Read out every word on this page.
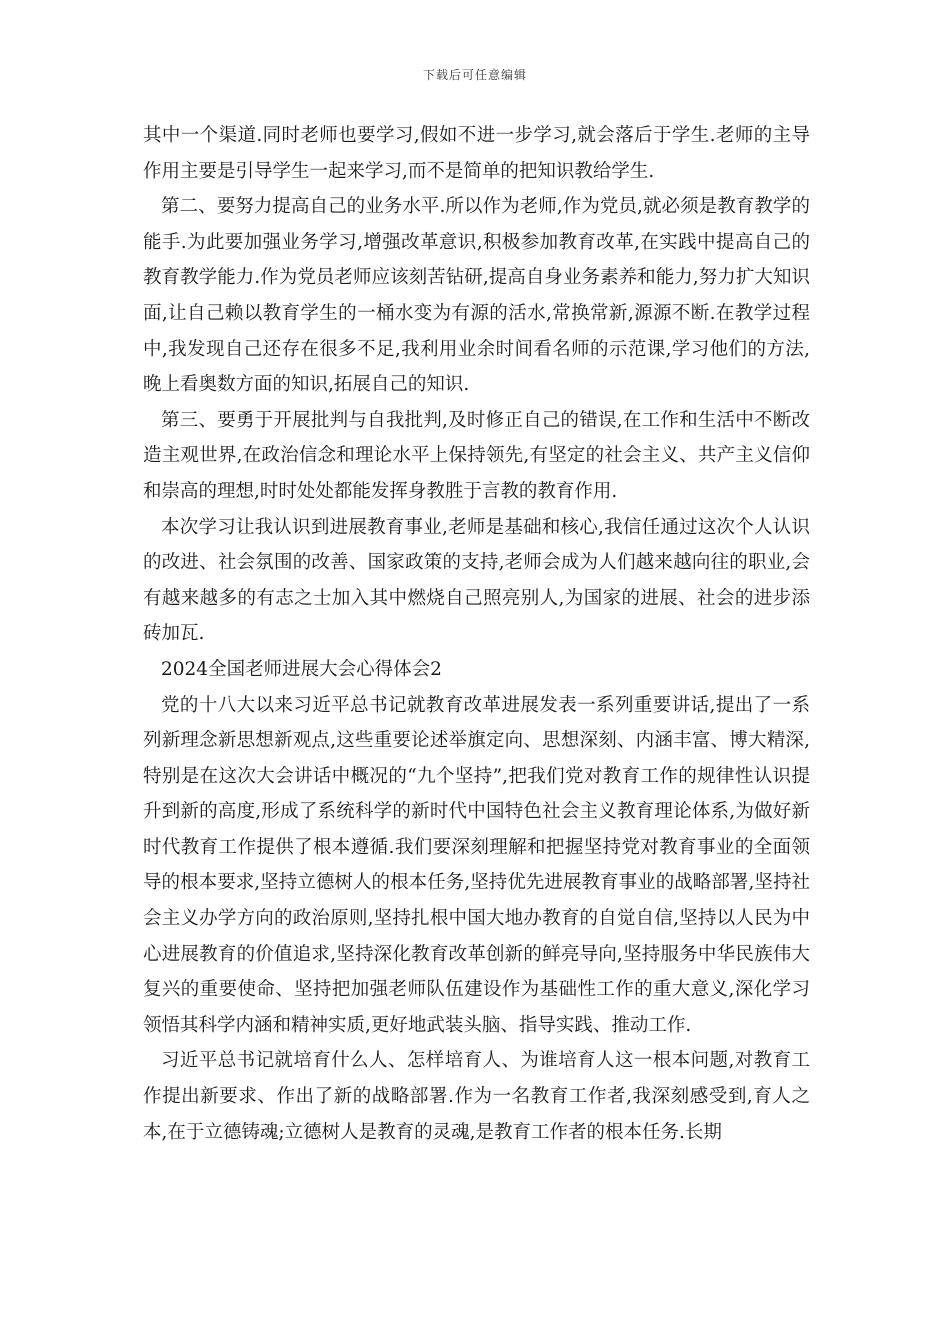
下载后可任意编辑

其中一个渠道.同时老师也要学习,假如不进一步学习,就会落后于学生.老师的主导作用主要是引导学生一起来学习,而不是简单的把知识教给学生.

第二、要努力提高自己的业务水平.所以作为老师,作为党员,就必须是教育教学的能手.为此要加强业务学习,增强改革意识,积极参加教育改革,在实践中提高自己的教育教学能力.作为党员老师应该刻苦钻研,提高自身业务素养和能力,努力扩大知识面,让自己赖以教育学生的一桶水变为有源的活水,常换常新,源源不断.在教学过程中,我发现自己还存在很多不足,我利用业余时间看名师的示范课,学习他们的方法,晚上看奥数方面的知识,拓展自己的知识.

第三、要勇于开展批判与自我批判,及时修正自己的错误,在工作和生活中不断改造主观世界,在政治信念和理论水平上保持领先,有坚定的社会主义、共产主义信仰和崇高的理想,时时处处都能发挥身教胜于言教的教育作用.

本次学习让我认识到进展教育事业,老师是基础和核心,我信任通过这次个人认识的改进、社会氛围的改善、国家政策的支持,老师会成为人们越来越向往的职业,会有越来越多的有志之士加入其中燃烧自己照亮别人,为国家的进展、社会的进步添砖加瓦.

2024全国老师进展大会心得体会2

党的十八大以来习近平总书记就教育改革进展发表一系列重要讲话,提出了一系列新理念新思想新观点,这些重要论述举旗定向、思想深刻、内涵丰富、博大精深,特别是在这次大会讲话中概况的“九个坚持”,把我们党对教育工作的规律性认识提升到新的高度,形成了系统科学的新时代中国特色社会主义教育理论体系,为做好新时代教育工作提供了根本遵循.我们要深刻理解和把握坚持党对教育事业的全面领导的根本要求,坚持立德树人的根本任务,坚持优先进展教育事业的战略部署,坚持社会主义办学方向的政治原则,坚持扎根中国大地办教育的自觉自信,坚持以人民为中心进展教育的价值追求,坚持深化教育改革创新的鲜亮导向,坚持服务中华民族伟大复兴的重要使命、坚持把加强老师队伍建设作为基础性工作的重大意义,深化学习领悟其科学内涵和精神实质,更好地武装头脑、指导实践、推动工作.

习近平总书记就培育什么人、怎样培育人、为谁培育人这一根本问题,对教育工作提出新要求、作出了新的战略部署.作为一名教育工作者,我深刻感受到,育人之本,在于立德铸魂;立德树人是教育的灵魂,是教育工作者的根本任务.长期
